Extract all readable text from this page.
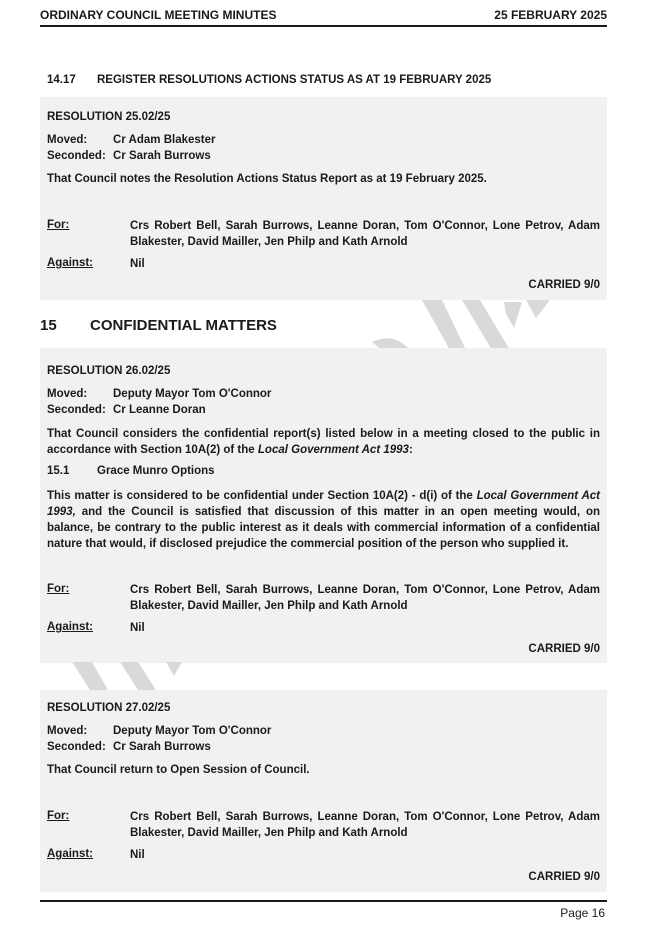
ORDINARY COUNCIL MEETING MINUTES	25 FEBRUARY 2025
14.17 REGISTER RESOLUTIONS ACTIONS STATUS AS AT 19 FEBRUARY 2025
RESOLUTION 25.02/25
Moved: Cr Adam Blakester
Seconded: Cr Sarah Burrows
That Council notes the Resolution Actions Status Report as at 19 February 2025.
For:	Crs Robert Bell, Sarah Burrows, Leanne Doran, Tom O'Connor, Lone Petrov, Adam Blakester, David Mailler, Jen Philp and Kath Arnold
Against:	Nil
CARRIED 9/0
15 CONFIDENTIAL MATTERS
RESOLUTION 26.02/25
Moved: Deputy Mayor Tom O'Connor
Seconded: Cr Leanne Doran
That Council considers the confidential report(s) listed below in a meeting closed to the public in accordance with Section 10A(2) of the Local Government Act 1993:
15.1 Grace Munro Options
This matter is considered to be confidential under Section 10A(2) - d(i) of the Local Government Act 1993, and the Council is satisfied that discussion of this matter in an open meeting would, on balance, be contrary to the public interest as it deals with commercial information of a confidential nature that would, if disclosed prejudice the commercial position of the person who supplied it.
For:	Crs Robert Bell, Sarah Burrows, Leanne Doran, Tom O'Connor, Lone Petrov, Adam Blakester, David Mailler, Jen Philp and Kath Arnold
Against:	Nil
CARRIED 9/0
RESOLUTION 27.02/25
Moved: Deputy Mayor Tom O'Connor
Seconded: Cr Sarah Burrows
That Council return to Open Session of Council.
For:	Crs Robert Bell, Sarah Burrows, Leanne Doran, Tom O'Connor, Lone Petrov, Adam Blakester, David Mailler, Jen Philp and Kath Arnold
Against:	Nil
CARRIED 9/0
Page 16
